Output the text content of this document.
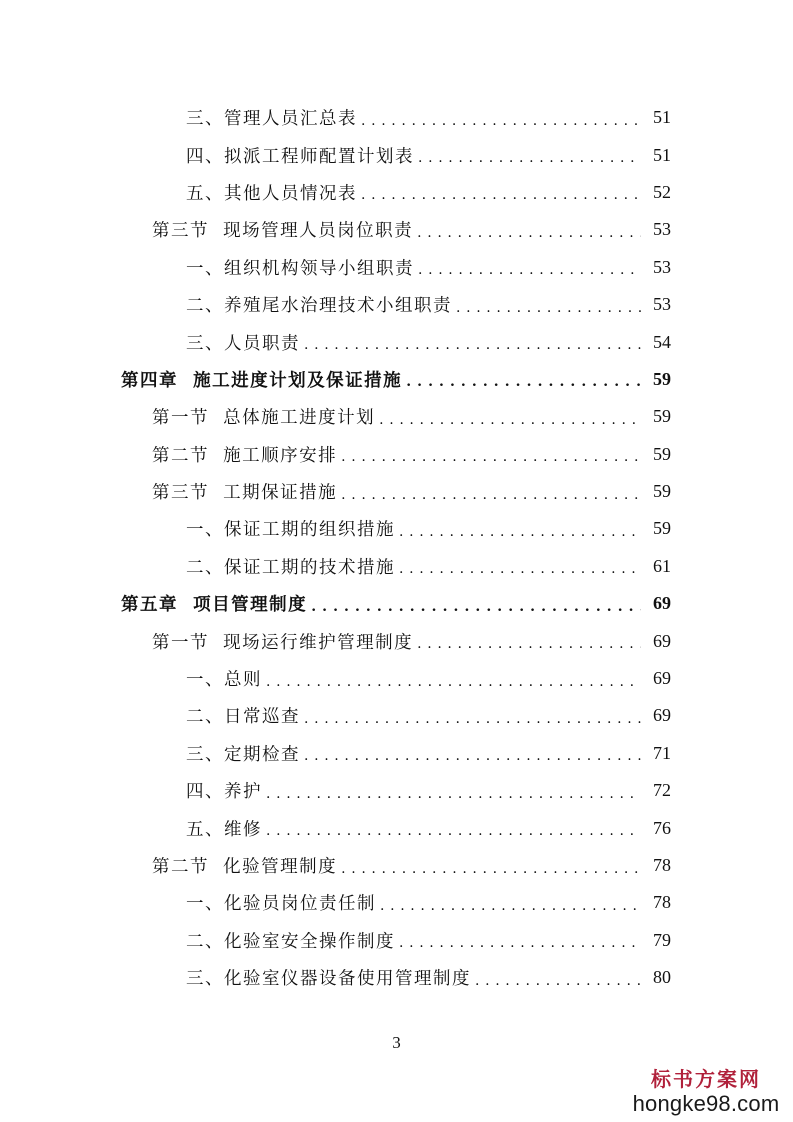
三、管理人员汇总表 . . .	51
四、拟派工程师配置计划表 . . .	51
五、其他人员情况表 . . .	52
第三节  现场管理人员岗位职责 . . .	53
一、组织机构领导小组职责 . . .	53
二、养殖尾水治理技术小组职责 . . .	53
三、人员职责 . . .	54
第四章  施工进度计划及保证措施 . . .	59
第一节  总体施工进度计划 . . .	59
第二节  施工顺序安排 . . .	59
第三节  工期保证措施 . . .	59
一、保证工期的组织措施 . . .	59
二、保证工期的技术措施 . . .	61
第五章  项目管理制度 . . .	69
第一节  现场运行维护管理制度 . . .	69
一、总则 . . .	69
二、日常巡查 . . .	69
三、定期检查 . . .	71
四、养护 . . .	72
五、维修 . . .	76
第二节  化验管理制度 . . .	78
一、化验员岗位责任制 . . .	78
二、化验室安全操作制度 . . .	79
三、化验室仪器设备使用管理制度 . . .	80
3
标书方案网
hongke98.com
